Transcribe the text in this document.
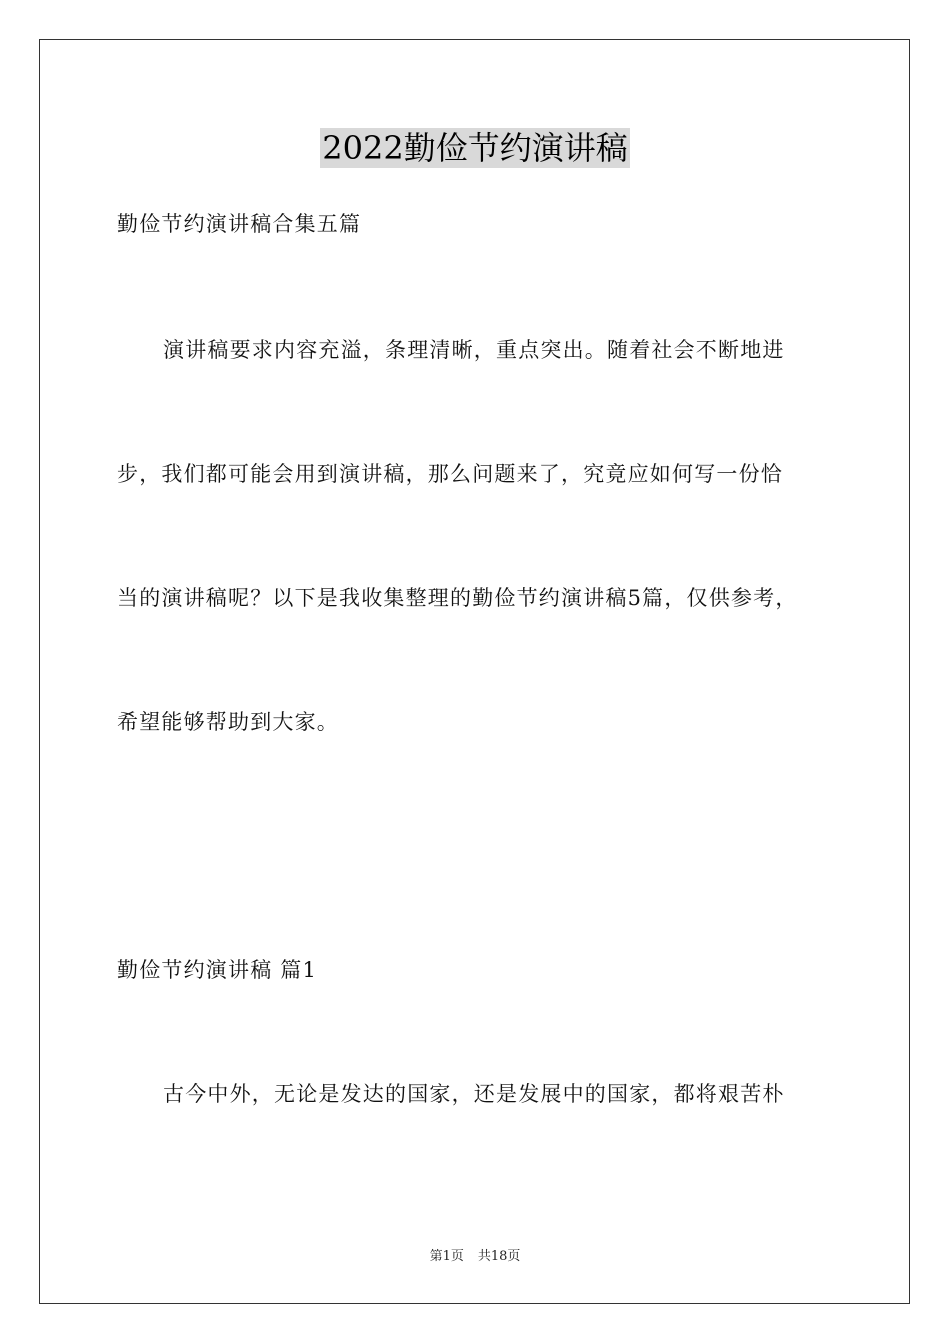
2022勤俭节约演讲稿
勤俭节约演讲稿合集五篇
演讲稿要求内容充溢，条理清晰，重点突出。随着社会不断地进
步，我们都可能会用到演讲稿，那么问题来了，究竟应如何写一份恰
当的演讲稿呢？以下是我收集整理的勤俭节约演讲稿5篇，仅供参考，
希望能够帮助到大家。
勤俭节约演讲稿 篇1
古今中外，无论是发达的国家，还是发展中的国家，都将艰苦朴
第1页 共18页
